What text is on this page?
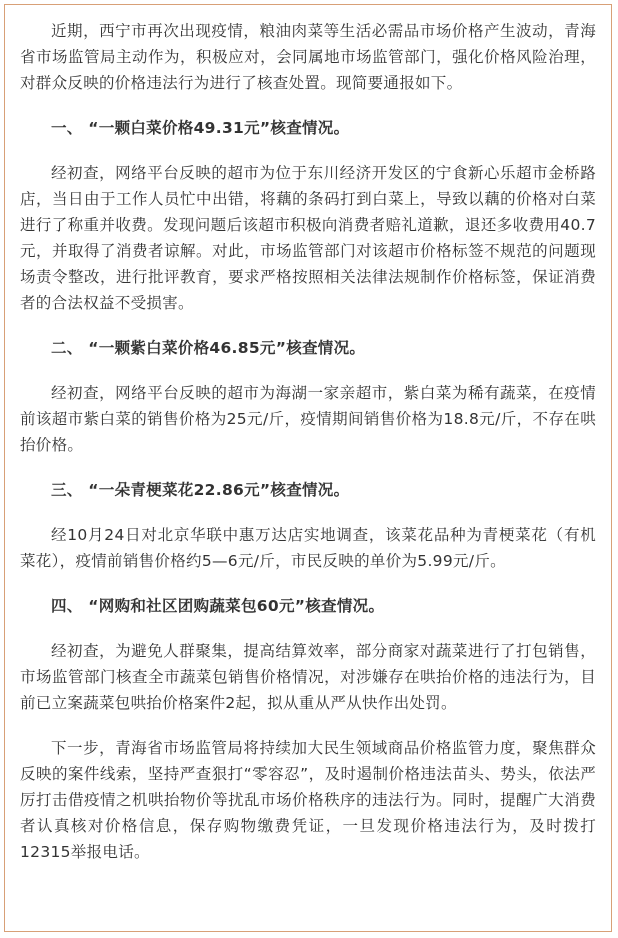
近期，西宁市再次出现疫情，粮油肉菜等生活必需品市场价格产生波动，青海省市场监管局主动作为，积极应对，会同属地市场监管部门，强化价格风险治理，对群众反映的价格违法行为进行了核查处置。现简要通报如下。

一、 “一颗白菜价格49.31元”核查情况。

经初查，网络平台反映的超市为位于东川经济开发区的宁食新心乐超市金桥路店，当日由于工作人员忙中出错，将藕的条码打到白菜上，导致以藕的价格对白菜进行了称重并收费。发现问题后该超市积极向消费者赔礼道歉，退还多收费用40.7元，并取得了消费者谅解。对此，市场监管部门对该超市价格标签不规范的问题现场责令整改，进行批评教育，要求严格按照相关法律法规制作价格标签，保证消费者的合法权益不受损害。

二、 “一颗紫白菜价格46.85元”核查情况。

经初查，网络平台反映的超市为海湖一家亲超市，紫白菜为稀有蔬菜，在疫情前该超市紫白菜的销售价格为25元/斤，疫情期间销售价格为18.8元/斤，不存在哄抬价格。

三、 “一朵青梗菜花22.86元”核查情况。

经10月24日对北京华联中惠万达店实地调查，该菜花品种为青梗菜花（有机菜花），疫情前销售价格约5—6元/斤，市民反映的单价为5.99元/斤。

四、 “网购和社区团购蔬菜包60元”核查情况。

经初查，为避免人群聚集，提高结算效率，部分商家对蔬菜进行了打包销售，市场监管部门核查全市蔬菜包销售价格情况，对涉嫌存在哄抬价格的违法行为，目前已立案蔬菜包哄抬价格案件2起，拟从重从严从快作出处罚。

下一步，青海省市场监管局将持续加大民生领域商品价格监管力度，聚焦群众反映的案件线索，坚持严查狠打“零容忍”，及时遏制价格违法苗头、势头，依法严厉打击借疫情之机哄抬物价等扰乱市场价格秩序的违法行为。同时，提醒广大消费者认真核对价格信息，保存购物缴费凭证，一旦发现价格违法行为，及时拨打12315举报电话。
